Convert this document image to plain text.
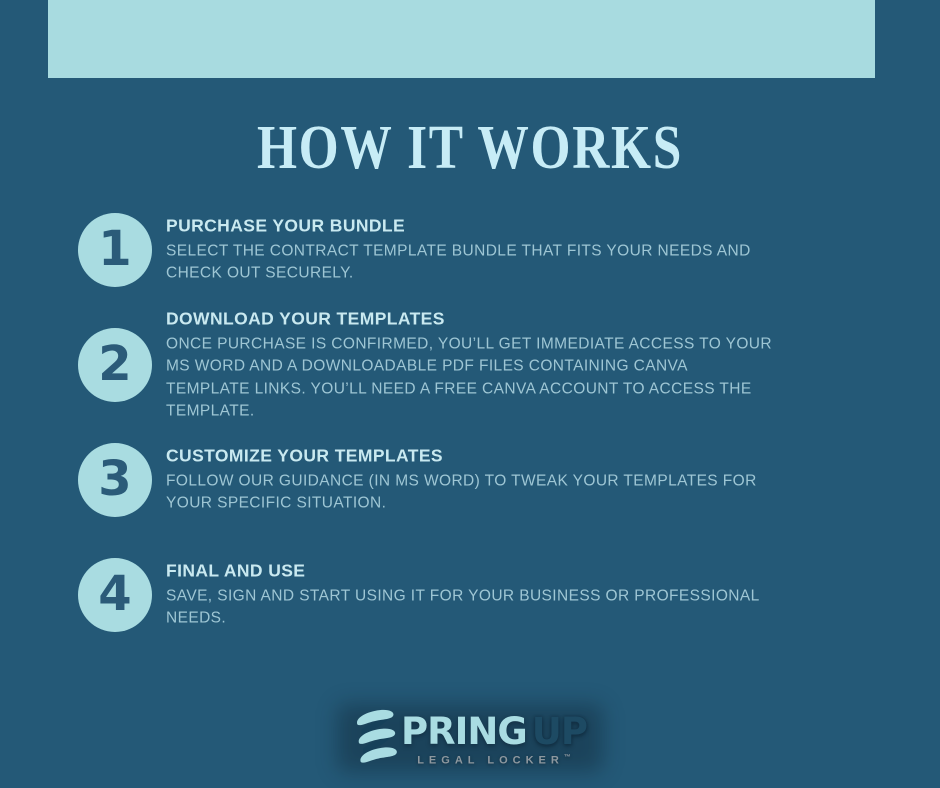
HOW IT WORKS
1 PURCHASE YOUR BUNDLE
SELECT THE CONTRACT TEMPLATE BUNDLE THAT FITS YOUR NEEDS AND
CHECK OUT SECURELY.
2
DOWNLOAD YOUR TEMPLATES
ONCE PURCHASE IS CONFIRMED, YOU’LL GET IMMEDIATE ACCESS TO YOUR
MS WORD AND A DOWNLOADABLE PDF FILES CONTAINING CANVA
TEMPLATE LINKS. YOU’LL NEED A FREE CANVA ACCOUNT TO ACCESS THE
TEMPLATE.
3 CUSTOMIZE YOUR TEMPLATES
FOLLOW OUR GUIDANCE (IN MS WORD) TO TWEAK YOUR TEMPLATES FOR
YOUR SPECIFIC SITUATION.
4 FINAL AND USE
SAVE, SIGN AND START USING IT FOR YOUR BUSINESS OR PROFESSIONAL
NEEDS.
PRING UP
LEGAL LOCKER™
